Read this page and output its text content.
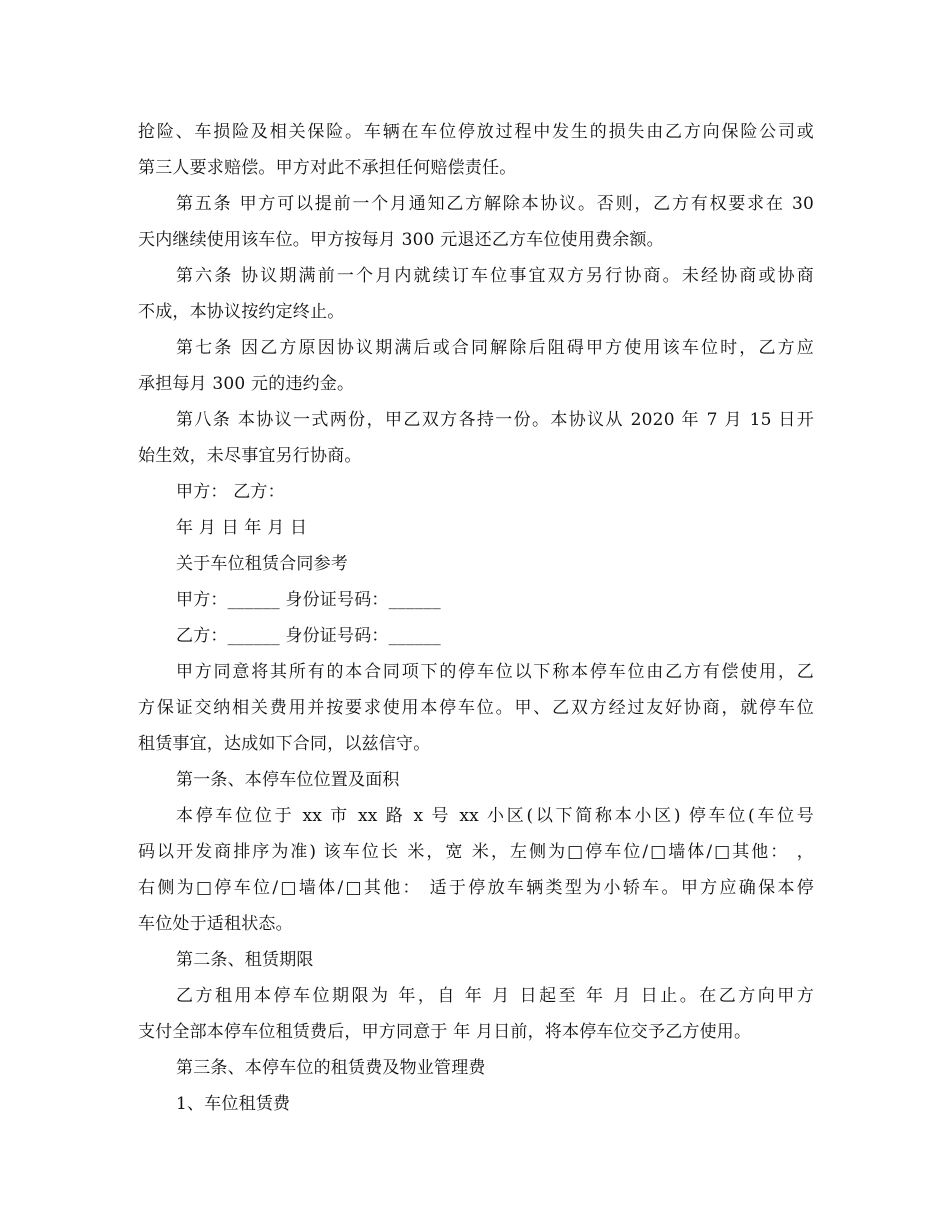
抢险、车损险及相关保险。车辆在车位停放过程中发生的损失由乙方向保险公司或
第三人要求赔偿。甲方对此不承担任何赔偿责任。
第五条 甲方可以提前一个月通知乙方解除本协议。否则，乙方有权要求在 30
天内继续使用该车位。甲方按每月 300 元退还乙方车位使用费余额。
第六条 协议期满前一个月内就续订车位事宜双方另行协商。未经协商或协商
不成，本协议按约定终止。
第七条 因乙方原因协议期满后或合同解除后阻碍甲方使用该车位时，乙方应
承担每月 300 元的违约金。
第八条 本协议一式两份，甲乙双方各持一份。本协议从 2020 年 7 月 15 日开
始生效，未尽事宜另行协商。
甲方： 乙方：
年 月 日 年 月 日
关于车位租赁合同参考
甲方：______ 身份证号码：______
乙方：______ 身份证号码：______
甲方同意将其所有的本合同项下的停车位以下称本停车位由乙方有偿使用，乙
方保证交纳相关费用并按要求使用本停车位。甲、乙双方经过友好协商，就停车位
租赁事宜，达成如下合同，以兹信守。
第一条、本停车位位置及面积
本停车位位于 xx 市 xx 路 x 号 xx 小区(以下简称本小区) 停车位(车位号
码以开发商排序为准) 该车位长 米，宽 米，左侧为□停车位/□墙体/□其他： ，
右侧为□停车位/□墙体/□其他： 适于停放车辆类型为小轿车。甲方应确保本停
车位处于适租状态。
第二条、租赁期限
乙方租用本停车位期限为 年，自 年 月 日起至 年 月 日止。在乙方向甲方
支付全部本停车位租赁费后，甲方同意于 年 月日前，将本停车位交予乙方使用。
第三条、本停车位的租赁费及物业管理费
1、车位租赁费
